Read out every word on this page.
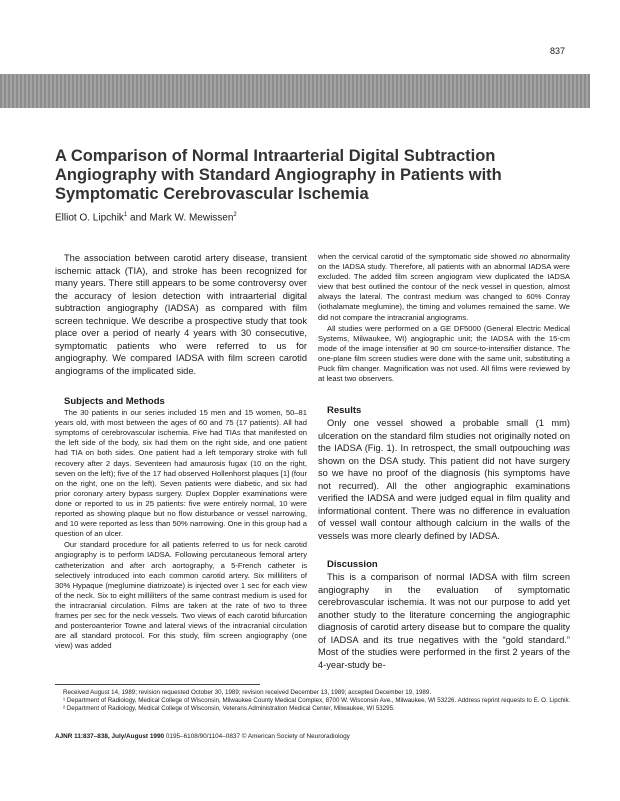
837
A Comparison of Normal Intraarterial Digital Subtraction Angiography with Standard Angiography in Patients with Symptomatic Cerebrovascular Ischemia

Elliot O. Lipchik$^1$ and Mark W. Mewissen$^2$

The association between carotid artery disease, transient ischemic attack (TIA), and stroke has been recognized for many years. There still appears to be some controversy over the accuracy of lesion detection with intraarterial digital subtraction angiography (IADSA) as compared with film screen technique. We describe a prospective study that took place over a period of nearly 4 years with 30 consecutive, symptomatic patients who were referred to us for angiography. We compared IADSA with film screen carotid angiograms of the implicated side.

Subjects and Methods

The 30 patients in our series included 15 men and 15 women, 50–81 years old, with most between the ages of 60 and 75 (17 patients). All had symptoms of cerebrovascular ischemia. Five had TIAs that manifested on the left side of the body, six had them on the right side, and one patient had TIA on both sides. One patient had a left temporary stroke with full recovery after 2 days. Seventeen had amaurosis fugax (10 on the right, seven on the left); five of the 17 had observed Hollenhorst plaques [1] (four on the right, one on the left). Seven patients were diabetic, and six had prior coronary artery bypass surgery. Duplex Doppler examinations were done or reported to us in 25 patients: five were entirely normal, 10 were reported as showing plaque but no flow disturbance or vessel narrowing, and 10 were reported as less than 50% narrowing. One in this group had a question of an ulcer.

Our standard procedure for all patients referred to us for neck carotid angiography is to perform IADSA. Following percutaneous femoral artery catheterization and after arch aortography, a 5-French catheter is selectively introduced into each common carotid artery. Six milliliters of 30% Hypaque (meglumine diatrizoate) is injected over 1 sec for each view of the neck. Six to eight milliliters of the same contrast medium is used for the intracranial circulation. Films are taken at the rate of two to three frames per sec for the neck vessels. Two views of each carotid bifurcation and posteroanterior Towne and lateral views of the intracranial circulation are all standard protocol. For this study, film screen angiography (one view) was added

when the cervical carotid of the symptomatic side showed no abnormality on the IADSA study. Therefore, all patients with an abnormal IADSA were excluded. The added film screen angiogram view duplicated the IADSA view that best outlined the contour of the neck vessel in question, almost always the lateral. The contrast medium was changed to 60% Conray (iothalamate meglumine), the timing and volumes remained the same. We did not compare the intracranial angiograms.

All studies were performed on a GE DF5000 (General Electric Medical Systems, Milwaukee, WI) angiographic unit; the IADSA with the 15-cm mode of the image intensifier at 90 cm source-to-intensifier distance. The one-plane film screen studies were done with the same unit, substituting a Puck film changer. Magnification was not used. All films were reviewed by at least two observers.

Results

Only one vessel showed a probable small (1 mm) ulceration on the standard film studies not originally noted on the IADSA (Fig. 1). In retrospect, the small outpouching was shown on the DSA study. This patient did not have surgery so we have no proof of the diagnosis (his symptoms have not recurred). All the other angiographic examinations verified the IADSA and were judged equal in film quality and informational content. There was no difference in evaluation of vessel wall contour although calcium in the walls of the vessels was more clearly defined by IADSA.

Discussion

This is a comparison of normal IADSA with film screen angiography in the evaluation of symptomatic cerebrovascular ischemia. It was not our purpose to add yet another study to the literature concerning the angiographic diagnosis of carotid artery disease but to compare the quality of IADSA and its true negatives with the “gold standard.” Most of the studies were performed in the first 2 years of the 4-year-study be-

Received August 14, 1989; revision requested October 30, 1989; revision received December 13, 1989; accepted December 19, 1989.

¹ Department of Radiology, Medical College of Wisconsin, Milwaukee County Medical Complex, 8700 W. Wisconsin Ave., Milwaukee, WI 53226. Address reprint requests to E. O. Lipchik.

² Department of Radiology, Medical College of Wisconsin, Veterans Administration Medical Center, Milwaukee, WI 53295.

AJNR 11:837–838, July/August 1990 0195–6108/90/1104–0837 © American Society of Neuroradiology
